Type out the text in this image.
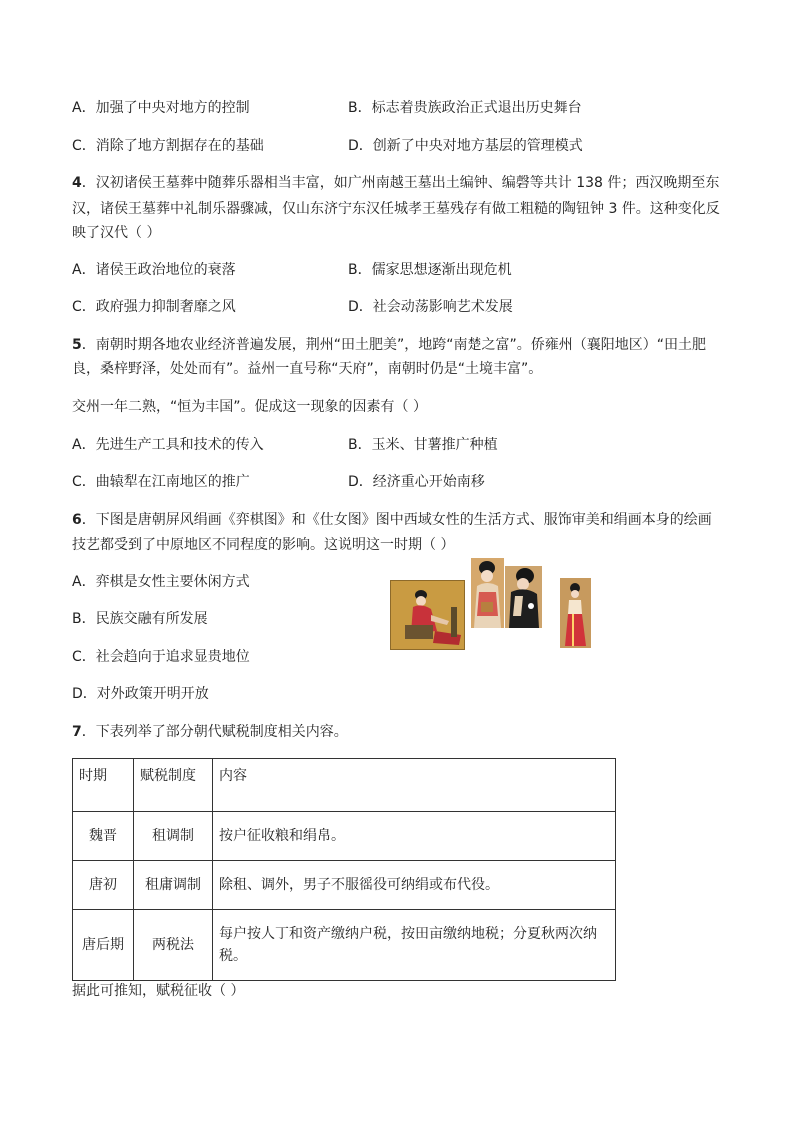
A．加强了中央对地方的控制	B．标志着贵族政治正式退出历史舞台
C．消除了地方割据存在的基础	D．创新了中央对地方基层的管理模式
4．汉初诸侯王墓葬中随葬乐器相当丰富，如广州南越王墓出土编钟、编磬等共计 138 件；西汉晚期至东
汉，诸侯王墓葬中礼制乐器骤减，仅山东济宁东汉任城孝王墓残存有做工粗糙的陶钮钟 3 件。这种变化反
映了汉代（ ）
A．诸侯王政治地位的衰落	B．儒家思想逐渐出现危机
C．政府强力抑制奢靡之风	D．社会动荡影响艺术发展
5．南朝时期各地农业经济普遍发展，荆州“田土肥美”，地跨“南楚之富”。侨雍州（襄阳地区）“田土肥
良，桑梓野泽，处处而有”。益州一直号称“天府”，南朝时仍是“土境丰富”。
交州一年二熟，“恒为丰国”。促成这一现象的因素有（ ）
A．先进生产工具和技术的传入	B．玉米、甘薯推广种植
C．曲辕犁在江南地区的推广	D．经济重心开始南移
6．下图是唐朝屏风绢画《弈棋图》和《仕女图》图中西域女性的生活方式、服饰审美和绢画本身的绘画
技艺都受到了中原地区不同程度的影响。这说明这一时期（ ）
A．弈棋是女性主要休闲方式
B．民族交融有所发展
C．社会趋向于追求显贵地位
D．对外政策开明开放
7．下表列举了部分朝代赋税制度相关内容。
时期	赋税制度	内容
魏晋	租调制	按户征收粮和绢帛。
唐初	租庸调制	除租、调外，男子不服徭役可纳绢或布代役。
唐后期	两税法	每户按人丁和资产缴纳户税，按田亩缴纳地税；分夏秋两次纳
税。
据此可推知，赋税征收（ ）
